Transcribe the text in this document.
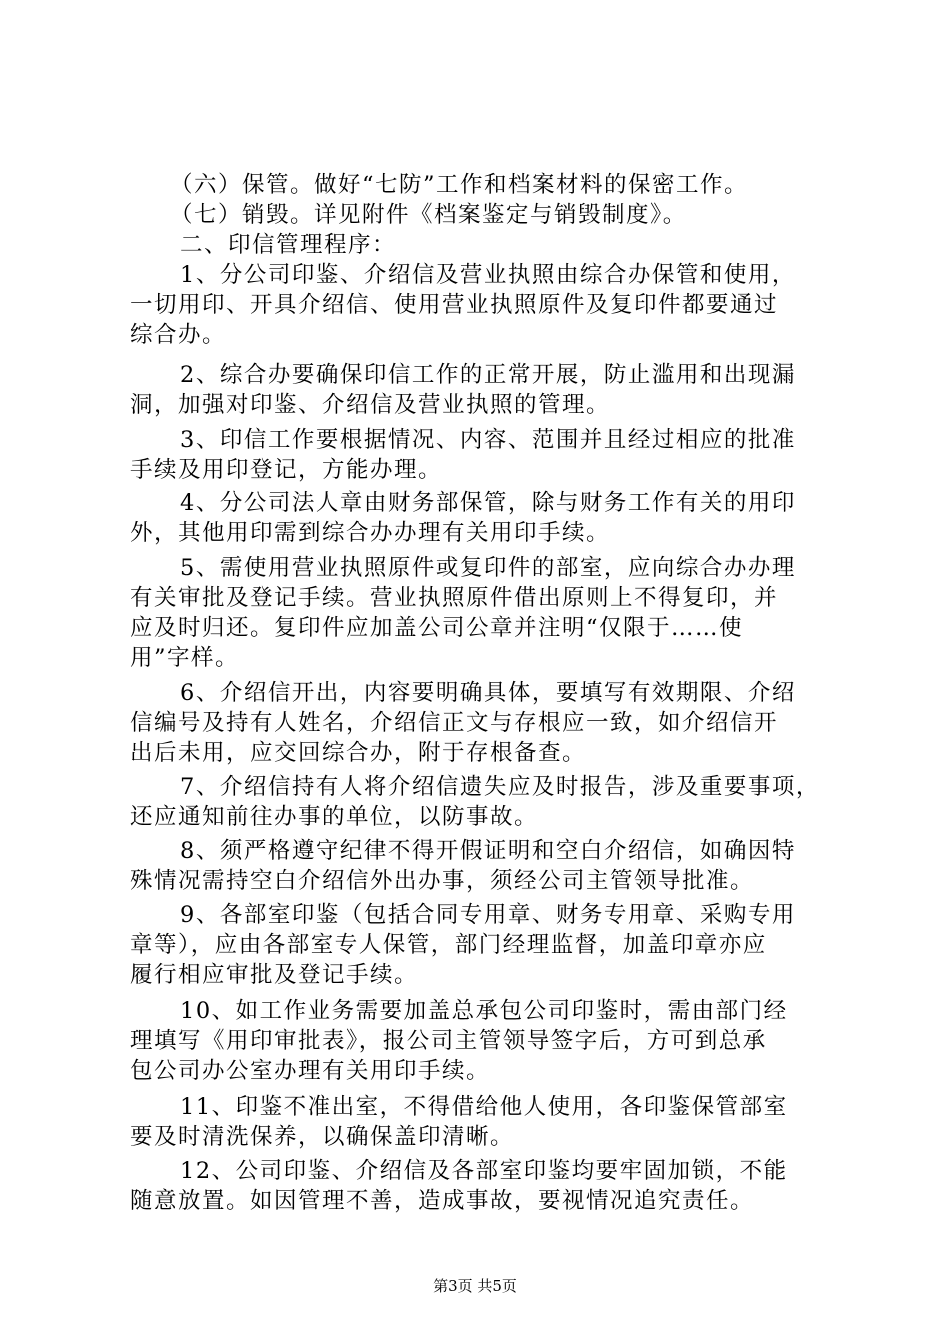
（六）保管。做好“七防”工作和档案材料的保密工作。
（七）销毁。详见附件《档案鉴定与销毁制度》。
二、印信管理程序：
1、分公司印鉴、介绍信及营业执照由综合办保管和使用，
一切用印、开具介绍信、使用营业执照原件及复印件都要通过
综合办。
2、综合办要确保印信工作的正常开展，防止滥用和出现漏
洞，加强对印鉴、介绍信及营业执照的管理。
3、印信工作要根据情况、内容、范围并且经过相应的批准
手续及用印登记，方能办理。
4、分公司法人章由财务部保管，除与财务工作有关的用印
外，其他用印需到综合办办理有关用印手续。
5、需使用营业执照原件或复印件的部室，应向综合办办理
有关审批及登记手续。营业执照原件借出原则上不得复印，并
应及时归还。复印件应加盖公司公章并注明“仅限于……使
用”字样。
6、介绍信开出，内容要明确具体，要填写有效期限、介绍
信编号及持有人姓名，介绍信正文与存根应一致，如介绍信开
出后未用，应交回综合办，附于存根备查。
7、介绍信持有人将介绍信遗失应及时报告，涉及重要事项，
还应通知前往办事的单位，以防事故。
8、须严格遵守纪律不得开假证明和空白介绍信，如确因特
殊情况需持空白介绍信外出办事，须经公司主管领导批准。
9、各部室印鉴（包括合同专用章、财务专用章、采购专用
章等），应由各部室专人保管，部门经理监督，加盖印章亦应
履行相应审批及登记手续。
10、如工作业务需要加盖总承包公司印鉴时，需由部门经
理填写《用印审批表》，报公司主管领导签字后，方可到总承
包公司办公室办理有关用印手续。
11、印鉴不准出室，不得借给他人使用，各印鉴保管部室
要及时清洗保养，以确保盖印清晰。
12、公司印鉴、介绍信及各部室印鉴均要牢固加锁，不能
随意放置。如因管理不善，造成事故，要视情况追究责任。
第3页 共5页
